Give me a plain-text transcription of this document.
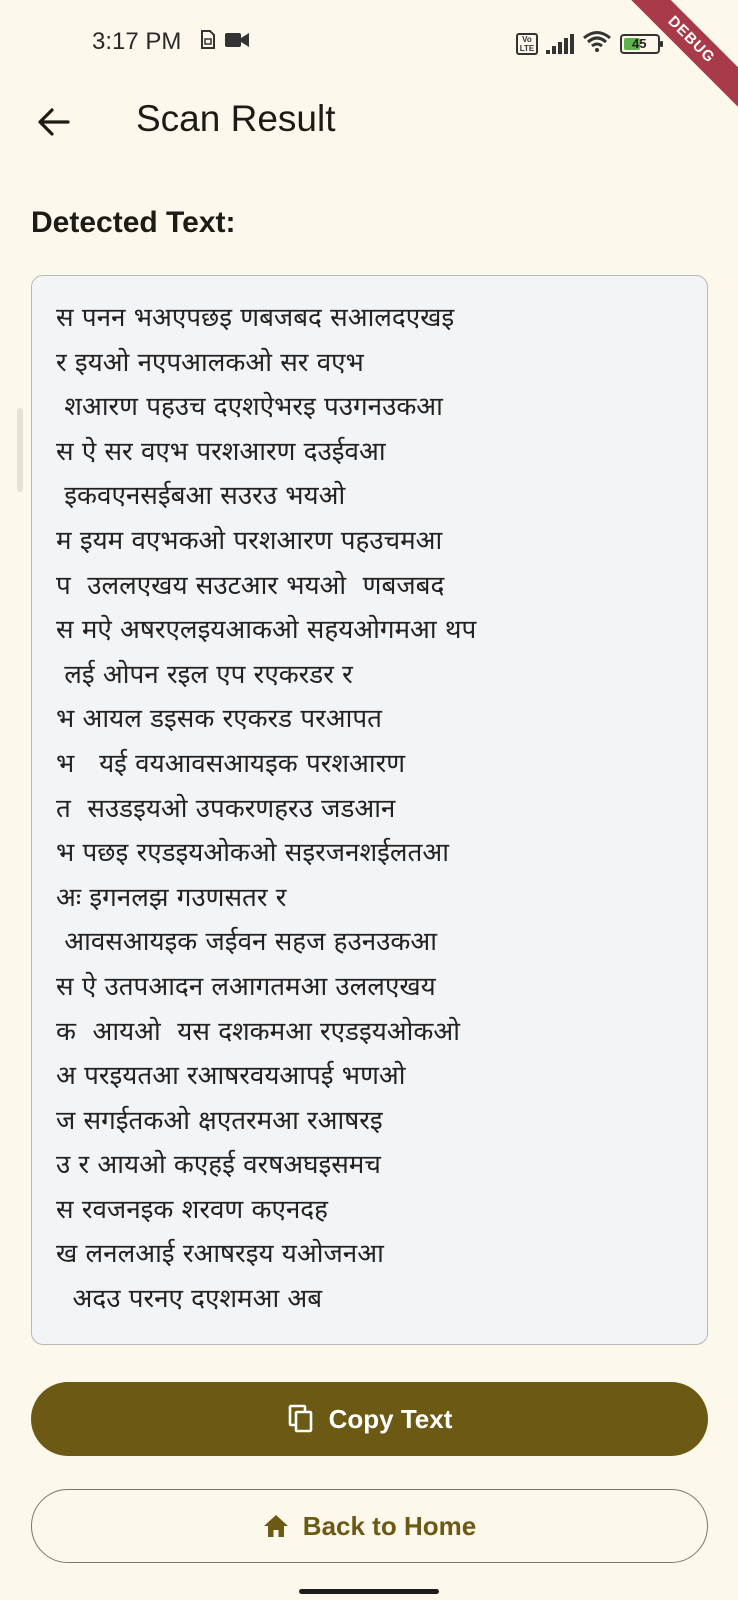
3:17 PM	Vo
LTE	45	DEBUG
Scan Result
Detected Text:
स पनन भअएपछइ णबजबद सआलदएखइ
र इयओ नएपआलकओ सर वएभ
शआरण पहउच दएशऐभरइ पउगनउकआ
स ऐ सर वएभ परशआरण दउईवआ
इकवएनसईबआ सउरउ भयओ
म इयम वएभकओ परशआरण पहउचमआ
प  उललएखय सउटआर भयओ  णबजबद
स मऐ अषरएलइयआकओ सहयओगमआ थप
लई ओपन रइल एप रएकरडर र
भ आयल डइसक रएकरड परआपत
भ   यई वयआवसआयइक परशआरण
त  सउडइयओ उपकरणहरउ जडआन
भ पछइ रएडइयओकओ सइरजनशईलतआ
अः इगनलझ गउणसतर र
आवसआयइक जईवन सहज हउनउकआ
स ऐ उतपआदन लआगतमआ उललएखय
क  आयओ  यस दशकमआ रएडइयओकओ
अ परइयतआ रआषरवयआपई भणओ
ज सगईतकओ क्षएतरमआ रआषरइ
उ र आयओ कएहई वरषअघइसमच
स रवजनइक शरवण कएनदह
ख लनलआई रआषरइय यओजनआ
अदउ परनए दएशमआ अब
Copy Text
Back to Home
